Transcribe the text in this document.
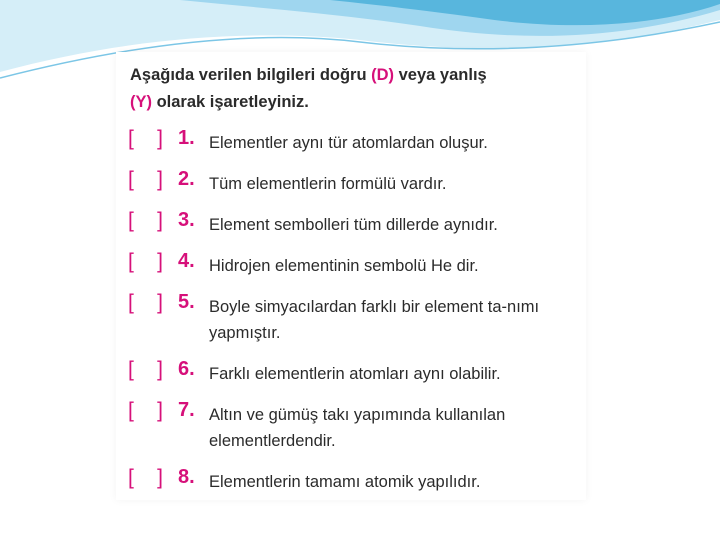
Aşağıda verilen bilgileri doğru (D) veya yanlış
(Y) olarak işaretleyiniz.
[    ] 1. Elementler aynı tür atomlardan oluşur.
[    ] 2. Tüm elementlerin formülü vardır.
[    ] 3. Element sembolleri tüm dillerde aynıdır.
[    ] 4. Hidrojen elementinin sembolü He dir.
[    ] 5. Boyle simyacılardan farklı bir element ta-nımı yapmıştır.
[    ] 6. Farklı elementlerin atomları aynı olabilir.
[    ] 7. Altın ve gümüş takı yapımında kullanılan elementlerdendir.
[    ] 8. Elementlerin tamamı atomik yapılıdır.
